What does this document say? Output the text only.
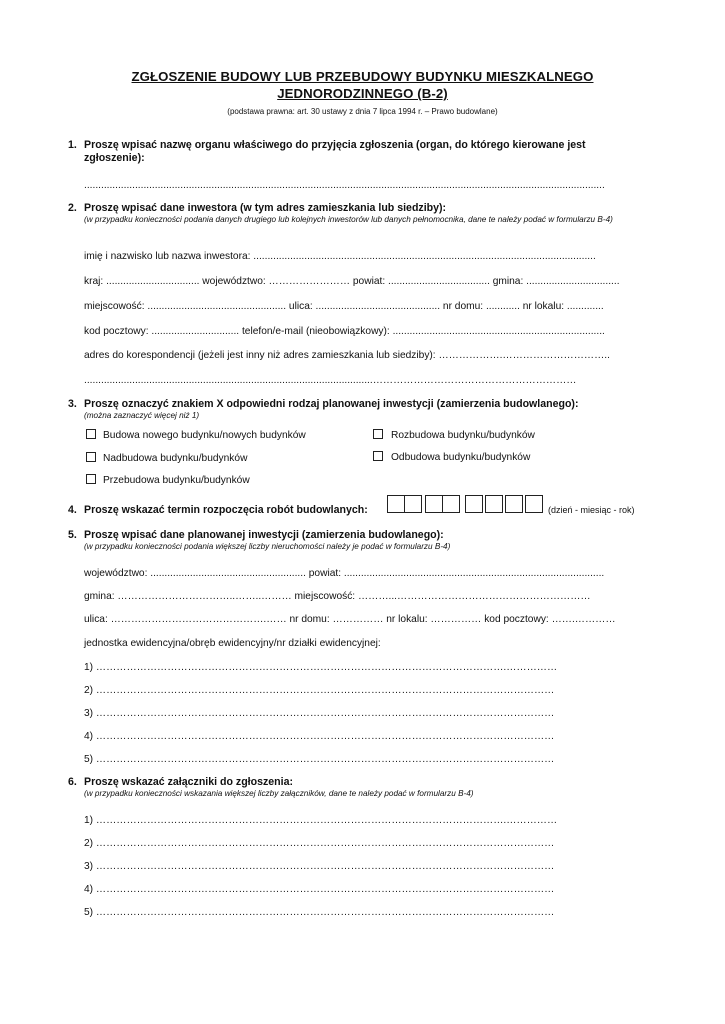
ZGŁOSZENIE BUDOWY LUB PRZEBUDOWY BUDYNKU MIESZKALNEGO
JEDNORODZINNEGO (B-2)
(podstawa prawna: art. 30 ustawy z dnia 7 lipca 1994 r. – Prawo budowlane)
1. Proszę wpisać nazwę organu właściwego do przyjęcia zgłoszenia (organ, do którego kierowane jest zgłoszenie):
........................................................................................................................................................................................
2. Proszę wpisać dane inwestora (w tym adres zamieszkania lub siedziby):
(w przypadku konieczności podania danych drugiego lub kolejnych inwestorów lub danych pełnomocnika, dane te należy podać w formularzu B-4)
imię i nazwisko lub nazwa inwestora: .........................................................................................................................
kraj: ................................. województwo: …………………… powiat: .................................... gmina: .................................
miejscowość: ................................................. ulica: ............................................ nr domu: ............ nr lokalu: .............
kod pocztowy: ............................... telefon/e-mail (nieobowiązkowy): ...........................................................................
adres do korespondencji (jeżeli jest inny niż adres zamieszkania lub siedziby): ……………….…………………………..
......................................................................................................……………………………………………………
3. Proszę oznaczyć znakiem X odpowiedni rodzaj planowanej inwestycji (zamierzenia budowlanego):
(można zaznaczyć więcej niż 1)
Budowa nowego budynku/nowych budynków	Rozbudowa budynku/budynków
Nadbudowa budynku/budynków	Odbudowa budynku/budynków
Przebudowa budynku/budynków
4. Proszę wskazać termin rozpoczęcia robót budowlanych:	(dzień - miesiąc - rok)
5. Proszę wpisać dane planowanej inwestycji (zamierzenia budowlanego):
(w przypadku konieczności podania większej liczby nieruchomości należy je podać w formularzu B-4)
województwo: ....................................................... powiat: ............................................................................................
gmina: ……………………………..……..……… miejscowość: ………...…………………………………………………
ulica: ……………………………………….…… nr domu: …………… nr lokalu: …………… kod pocztowy: …….…………
jednostka ewidencyjna/obręb ewidencyjny/nr działki ewidencyjnej:
1) ………………………………………………………………………………………………………….……………
2) ………………………………………………………………………………………………………………………
3) ………………………………………………………………………………………………………………………
4) ………………………………………………………………………………………………………………………
5) ………………………………………………………………………………………………………………………
6. Proszę wskazać załączniki do zgłoszenia:
(w przypadku konieczności wskazania większej liczby załączników, dane te należy podać w formularzu B-4)
1) ………………………………………………………………………………………………………….……………
2) ………………………………………………………………………………………………………………………
3) ………………………………………………………………………………………………………………………
4) ………………………………………………………………………………………………………………………
5) ………………………………………………………………………………………………………………………
